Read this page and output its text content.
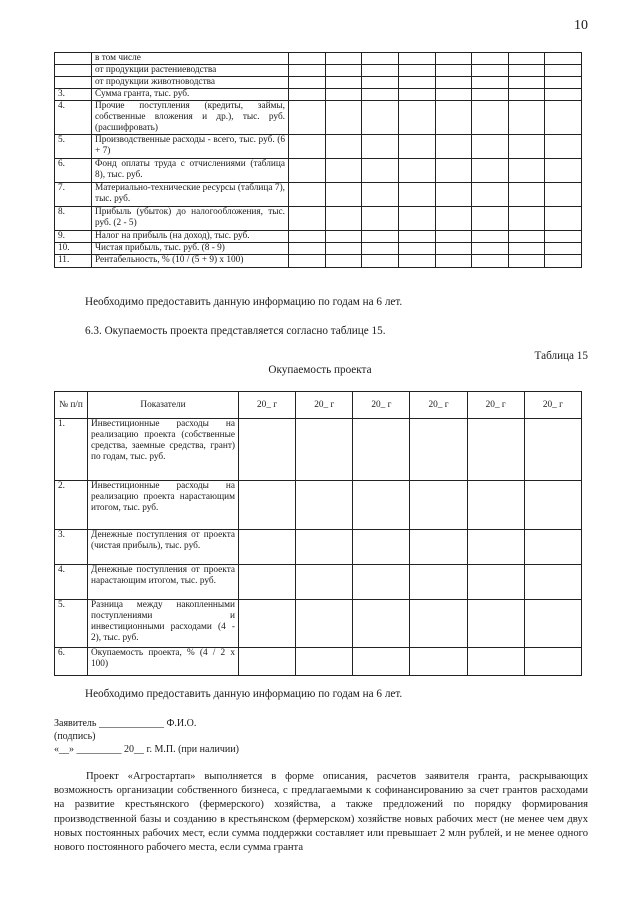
10
	в том числе								
	от продукции растениеводства								
	от продукции животноводства								
3.	Сумма гранта, тыс. руб.								
4.	Прочие поступления (кредиты, займы, собственные вложения и др.), тыс. руб. (расшифровать)								
5.	Производственные расходы - всего, тыс. руб. (6 + 7)								
6.	Фонд оплаты труда с отчислениями (таблица 8), тыс. руб.								
7.	Материально-технические ресурсы (таблица 7), тыс. руб.								
8.	Прибыль (убыток) до налогообложения, тыс. руб. (2 - 5)								
9.	Налог на прибыль (на доход), тыс. руб.								
10.	Чистая прибыль, тыс. руб. (8 - 9)								
11.	Рентабельность, % (10 / (5 + 9) x 100)								

Необходимо предоставить данную информацию по годам на 6 лет.

6.3. Окупаемость проекта представляется согласно таблице 15.

Таблица 15
Окупаемость проекта
№ п/п	Показатели	20_ г	20_ г	20_ г	20_ г	20_ г	20_ г
1.	Инвестиционные расходы на реализацию проекта (собственные средства, заемные средства, грант) по годам, тыс. руб.						
2.	Инвестиционные расходы на реализацию проекта нарастающим итогом, тыс. руб.						
3.	Денежные поступления от проекта (чистая прибыль), тыс. руб.						
4.	Денежные поступления от проекта нарастающим итогом, тыс. руб.						
5.	Разница между накопленными поступлениями и инвестиционными расходами (4 - 2), тыс. руб.						
6.	Окупаемость проекта, % (4 / 2 x 100)						

Необходимо предоставить данную информацию по годам на 6 лет.

Заявитель _____________ Ф.И.О.
(подпись)
«__» _________ 20__ г. М.П. (при наличии)

Проект «Агростартап» выполняется в форме описания, расчетов заявителя гранта, раскрывающих возможность организации собственного бизнеса, с предлагаемыми к софинансированию за счет грантов расходами на развитие крестьянского (фермерского) хозяйства, а также предложений по порядку формирования производственной базы и созданию в крестьянском (фермерском) хозяйстве новых рабочих мест (не менее чем двух новых постоянных рабочих мест, если сумма поддержки составляет или превышает 2 млн рублей, и не менее одного нового постоянного рабочего места, если сумма гранта
